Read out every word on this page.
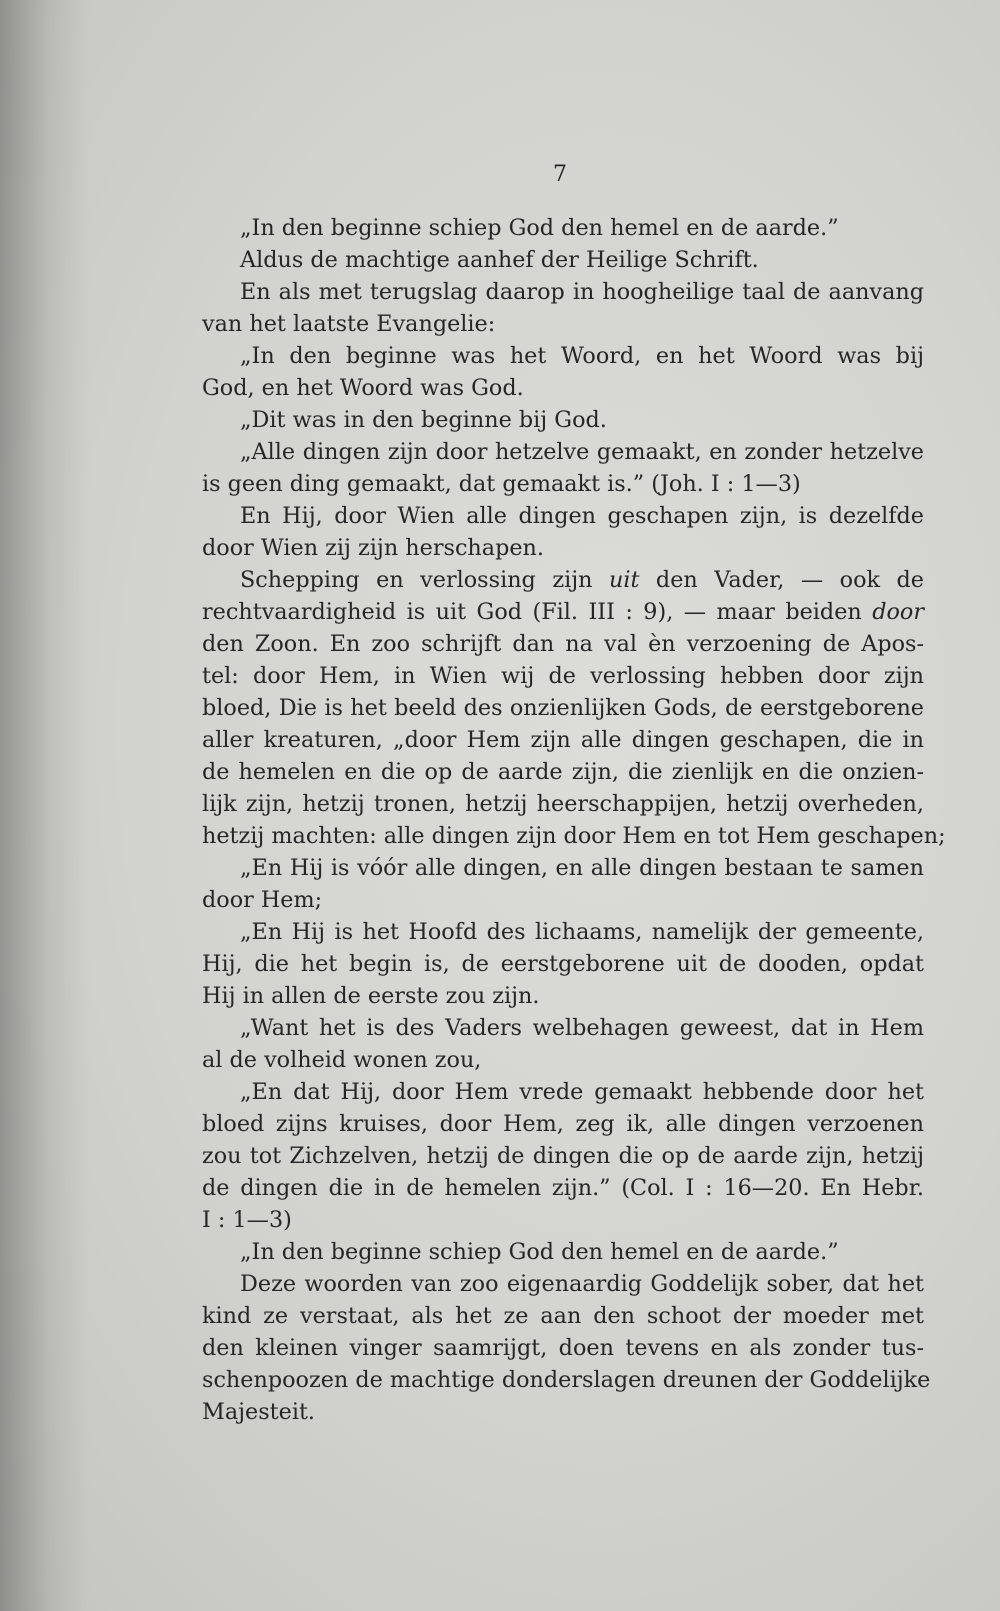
7
„In den beginne schiep God den hemel en de aarde.”
Aldus de machtige aanhef der Heilige Schrift.
En als met terugslag daarop in hoogheilige taal de aanvang
van het laatste Evangelie:
„In den beginne was het Woord, en het Woord was bij
God, en het Woord was God.
„Dit was in den beginne bij God.
„Alle dingen zijn door hetzelve gemaakt, en zonder hetzelve
is geen ding gemaakt, dat gemaakt is.” (Joh. I : 1—3)
En Hij, door Wien alle dingen geschapen zijn, is dezelfde
door Wien zij zijn herschapen.
Schepping en verlossing zijn uit den Vader, — ook de
rechtvaardigheid is uit God (Fil. III : 9), — maar beiden door
den Zoon. En zoo schrijft dan na val èn verzoening de Apos-
tel: door Hem, in Wien wij de verlossing hebben door zijn
bloed, Die is het beeld des onzienlijken Gods, de eerstgeborene
aller kreaturen, „door Hem zijn alle dingen geschapen, die in
de hemelen en die op de aarde zijn, die zienlijk en die onzien-
lijk zijn, hetzij tronen, hetzij heerschappijen, hetzij overheden,
hetzij machten: alle dingen zijn door Hem en tot Hem geschapen;
„En Hij is vóór alle dingen, en alle dingen bestaan te samen
door Hem;
„En Hij is het Hoofd des lichaams, namelijk der gemeente,
Hij, die het begin is, de eerstgeborene uit de dooden, opdat
Hij in allen de eerste zou zijn.
„Want het is des Vaders welbehagen geweest, dat in Hem
al de volheid wonen zou,
„En dat Hij, door Hem vrede gemaakt hebbende door het
bloed zijns kruises, door Hem, zeg ik, alle dingen verzoenen
zou tot Zichzelven, hetzij de dingen die op de aarde zijn, hetzij
de dingen die in de hemelen zijn.” (Col. I : 16—20. En Hebr.
I : 1—3)
„In den beginne schiep God den hemel en de aarde.”
Deze woorden van zoo eigenaardig Goddelijk sober, dat het
kind ze verstaat, als het ze aan den schoot der moeder met
den kleinen vinger saamrijgt, doen tevens en als zonder tus-
schenpoozen de machtige donderslagen dreunen der Goddelijke
Majesteit.
